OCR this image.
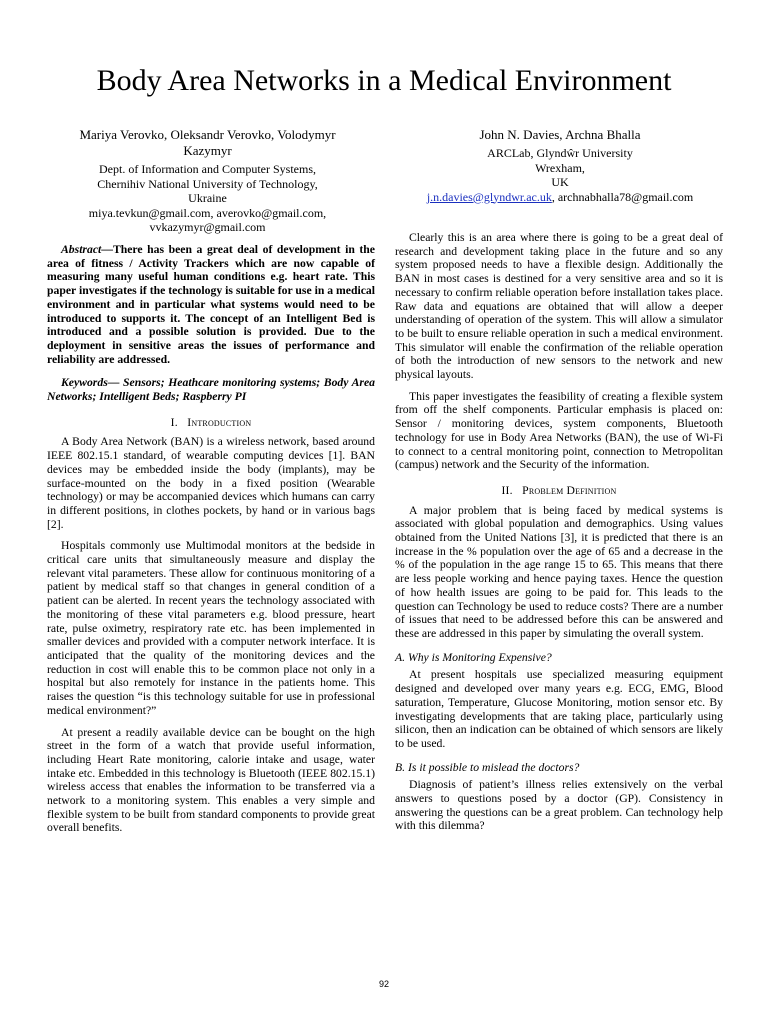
Body Area Networks in a Medical Environment
Mariya Verovko, Oleksandr Verovko, Volodymyr Kazymyr
Dept. of Information and Computer Systems,
Chernihiv National University of Technology,
Ukraine
miya.tevkun@gmail.com, averovko@gmail.com,
vvkazymyr@gmail.com
John N. Davies, Archna Bhalla
ARCLab, Glyndŵr University
Wrexham,
UK
j.n.davies@glyndwr.ac.uk, archnabhalla78@gmail.com

Abstract—There has been a great deal of development in the area of fitness / Activity Trackers which are now capable of measuring many useful human conditions e.g. heart rate. This paper investigates if the technology is suitable for use in a medical environment and in particular what systems would need to be introduced to supports it. The concept of an Intelligent Bed is introduced and a possible solution is provided. Due to the deployment in sensitive areas the issues of performance and reliability are addressed.

Keywords— Sensors; Heathcare monitoring systems; Body Area Networks; Intelligent Beds; Raspberry PI

I. Introduction

A Body Area Network (BAN) is a wireless network, based around IEEE 802.15.1 standard, of wearable computing devices [1]. BAN devices may be embedded inside the body (implants), may be surface-mounted on the body in a fixed position (Wearable technology) or may be accompanied devices which humans can carry in different positions, in clothes pockets, by hand or in various bags [2].

Hospitals commonly use Multimodal monitors at the bedside in critical care units that simultaneously measure and display the relevant vital parameters. These allow for continuous monitoring of a patient by medical staff so that changes in general condition of a patient can be alerted. In recent years the technology associated with the monitoring of these vital parameters e.g. blood pressure, heart rate, pulse oximetry, respiratory rate etc. has been implemented in smaller devices and provided with a computer network interface. It is anticipated that the quality of the monitoring devices and the reduction in cost will enable this to be common place not only in a hospital but also remotely for instance in the patients home. This raises the question “is this technology suitable for use in professional medical environment?”

At present a readily available device can be bought on the high street in the form of a watch that provide useful information, including Heart Rate monitoring, calorie intake and usage, water intake etc. Embedded in this technology is Bluetooth (IEEE 802.15.1) wireless access that enables the information to be transferred via a network to a monitoring system. This enables a very simple and flexible system to be built from standard components to provide great overall benefits.

Clearly this is an area where there is going to be a great deal of research and development taking place in the future and so any system proposed needs to have a flexible design. Additionally the BAN in most cases is destined for a very sensitive area and so it is necessary to confirm reliable operation before installation takes place. Raw data and equations are obtained that will allow a deeper understanding of operation of the system. This will allow a simulator to be built to ensure reliable operation in such a medical environment. This simulator will enable the confirmation of the reliable operation of both the introduction of new sensors to the network and new physical layouts.

This paper investigates the feasibility of creating a flexible system from off the shelf components. Particular emphasis is placed on: Sensor / monitoring devices, system components, Bluetooth technology for use in Body Area Networks (BAN), the use of Wi-Fi to connect to a central monitoring point, connection to Metropolitan (campus) network and the Security of the information.

II. Problem Definition

A major problem that is being faced by medical systems is associated with global population and demographics. Using values obtained from the United Nations [3], it is predicted that there is an increase in the % population over the age of 65 and a decrease in the % of the population in the age range 15 to 65. This means that there are less people working and hence paying taxes. Hence the question of how health issues are going to be paid for. This leads to the question can Technology be used to reduce costs? There are a number of issues that need to be addressed before this can be answered and these are addressed in this paper by simulating the overall system.

A. Why is Monitoring Expensive?

At present hospitals use specialized measuring equipment designed and developed over many years e.g. ECG, EMG, Blood saturation, Temperature, Glucose Monitoring, motion sensor etc. By investigating developments that are taking place, particularly using silicon, then an indication can be obtained of which sensors are likely to be used.

B. Is it possible to mislead the doctors?

Diagnosis of patient’s illness relies extensively on the verbal answers to questions posed by a doctor (GP). Consistency in answering the questions can be a great problem. Can technology help with this dilemma?

92
